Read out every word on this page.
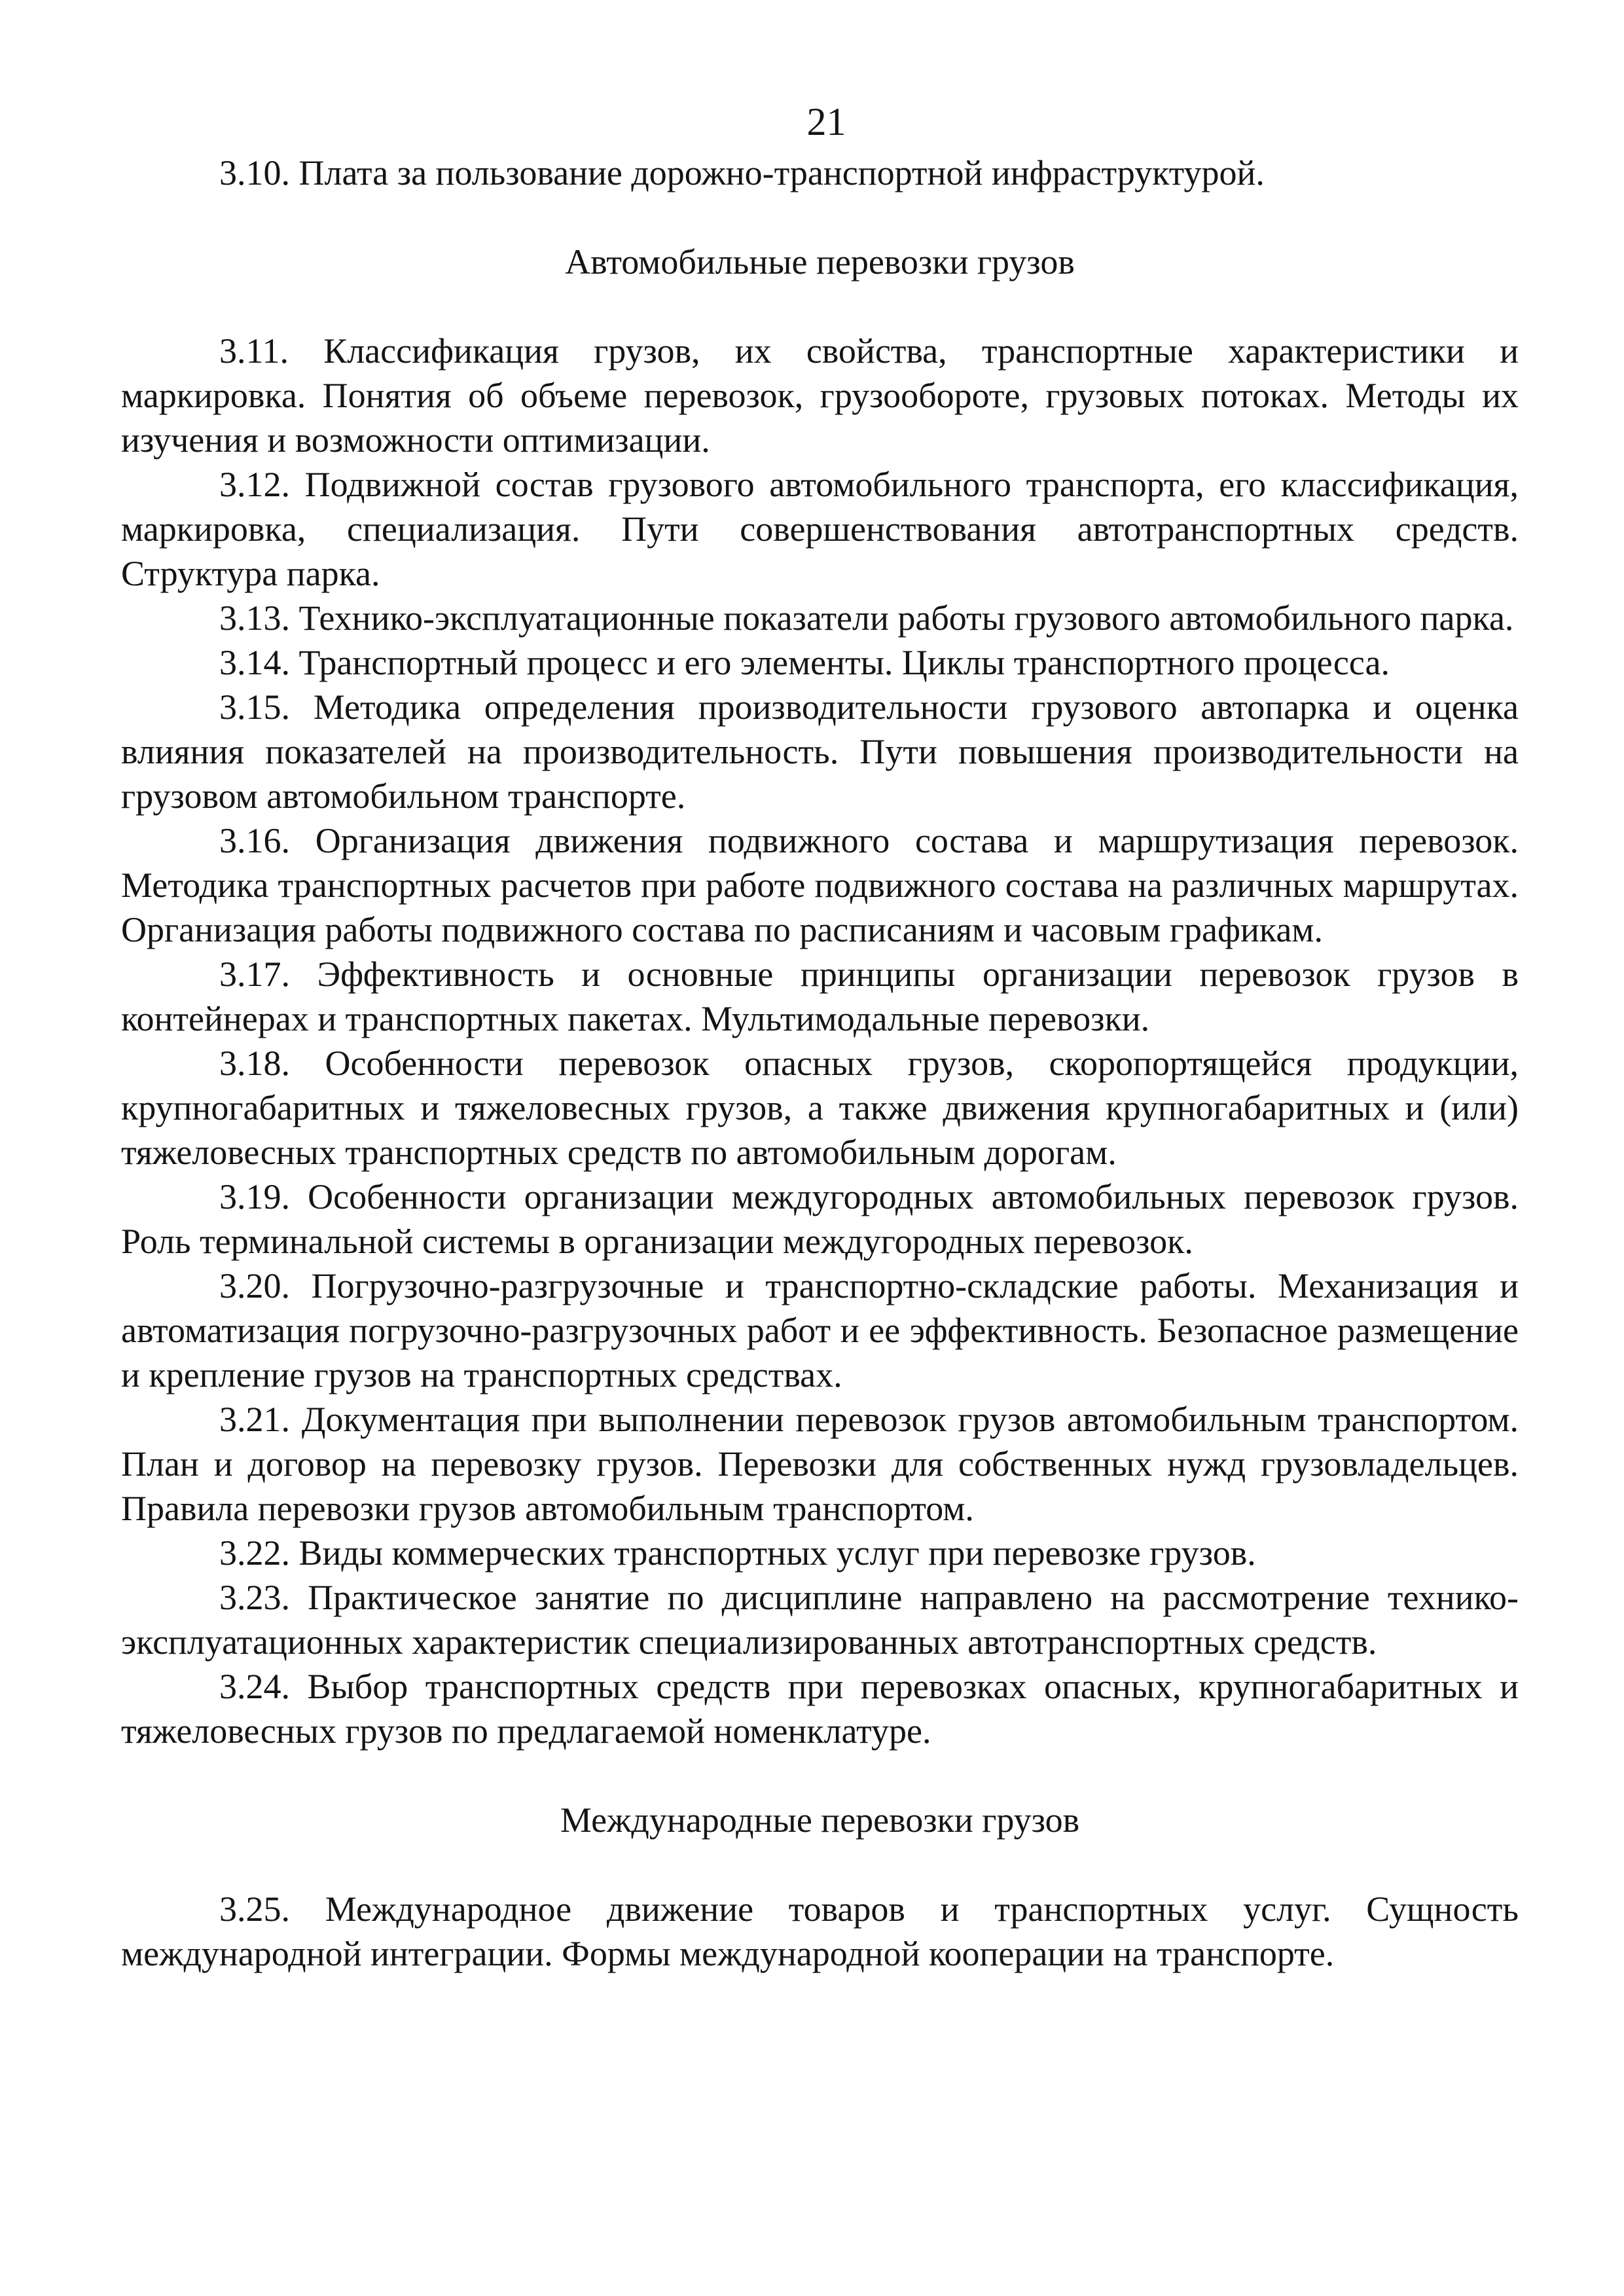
21

3.10. Плата за пользование дорожно-транспортной инфраструктурой.

Автомобильные перевозки грузов

3.11. Классификация грузов, их свойства, транспортные характеристики и маркировка. Понятия об объеме перевозок, грузообороте, грузовых потоках. Методы их изучения и возможности оптимизации.

3.12. Подвижной состав грузового автомобильного транспорта, его классификация, маркировка, специализация. Пути совершенствования автотранспортных средств. Структура парка.

3.13. Технико-эксплуатационные показатели работы грузового автомобильного парка.

3.14. Транспортный процесс и его элементы. Циклы транспортного процесса.

3.15. Методика определения производительности грузового автопарка и оценка влияния показателей на производительность. Пути повышения производительности на грузовом автомобильном транспорте.

3.16. Организация движения подвижного состава и маршрутизация перевозок. Методика транспортных расчетов при работе подвижного состава на различных маршрутах. Организация работы подвижного состава по расписаниям и часовым графикам.

3.17. Эффективность и основные принципы организации перевозок грузов в контейнерах и транспортных пакетах. Мультимодальные перевозки.

3.18. Особенности перевозок опасных грузов, скоропортящейся продукции, крупногабаритных и тяжеловесных грузов, а также движения крупногабаритных и (или) тяжеловесных транспортных средств по автомобильным дорогам.

3.19. Особенности организации междугородных автомобильных перевозок грузов. Роль терминальной системы в организации междугородных перевозок.

3.20. Погрузочно-разгрузочные и транспортно-складские работы. Механизация и автоматизация погрузочно-разгрузочных работ и ее эффективность. Безопасное размещение и крепление грузов на транспортных средствах.

3.21. Документация при выполнении перевозок грузов автомобильным транспортом. План и договор на перевозку грузов. Перевозки для собственных нужд грузовладельцев. Правила перевозки грузов автомобильным транспортом.

3.22. Виды коммерческих транспортных услуг при перевозке грузов.

3.23. Практическое занятие по дисциплине направлено на рассмотрение технико-эксплуатационных характеристик специализированных автотранспортных средств.

3.24. Выбор транспортных средств при перевозках опасных, крупногабаритных и тяжеловесных грузов по предлагаемой номенклатуре.

Международные перевозки грузов

3.25. Международное движение товаров и транспортных услуг. Сущность международной интеграции. Формы международной кооперации на транспорте.
